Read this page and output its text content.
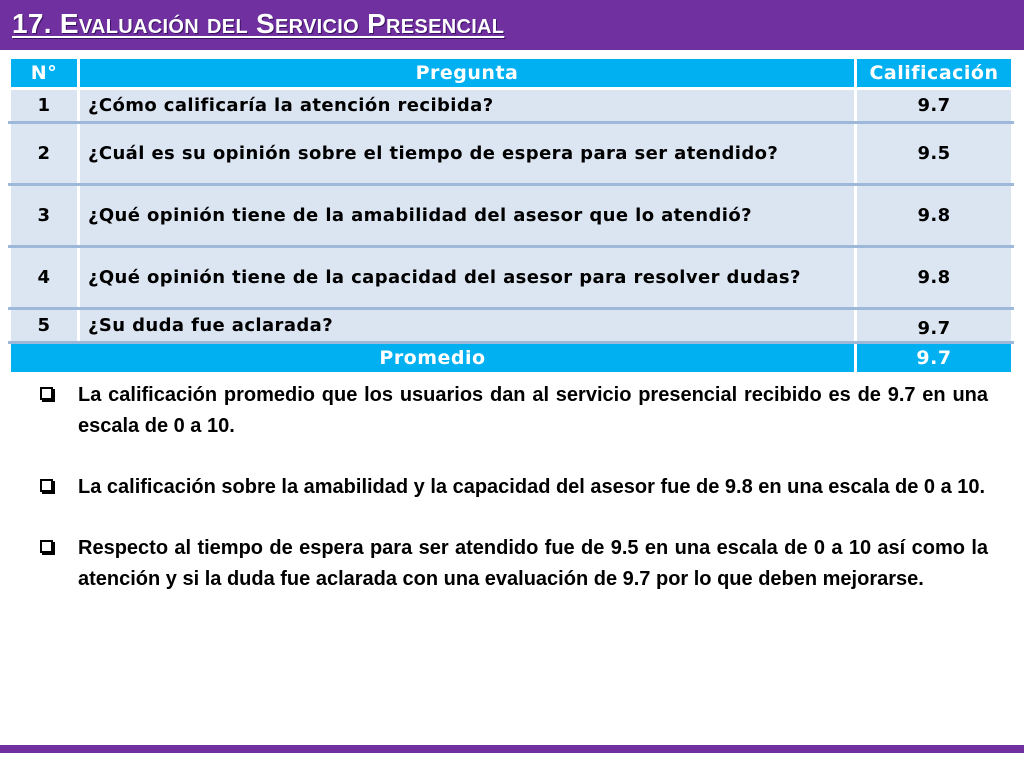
17. Evaluación del Servicio Presencial
N°	Pregunta	Calificación
1	¿Cómo calificaría la atención recibida?	9.7
2	¿Cuál es su opinión sobre el tiempo de espera para ser atendido?	9.5
3	¿Qué opinión tiene de la amabilidad del asesor que lo atendió?	9.8
4	¿Qué opinión tiene de la capacidad del asesor para resolver dudas?	9.8
5	¿Su duda fue aclarada?	9.7
Promedio		9.7
La calificación promedio que los usuarios dan al servicio presencial recibido es de 9.7 en una escala de 0 a 10.
La calificación sobre la amabilidad y la capacidad del asesor fue de 9.8 en una escala de 0 a 10.
Respecto al tiempo de espera para ser atendido fue de 9.5 en una escala de 0 a 10 así como la atención y si la duda fue aclarada con una evaluación de 9.7 por lo que deben mejorarse.
